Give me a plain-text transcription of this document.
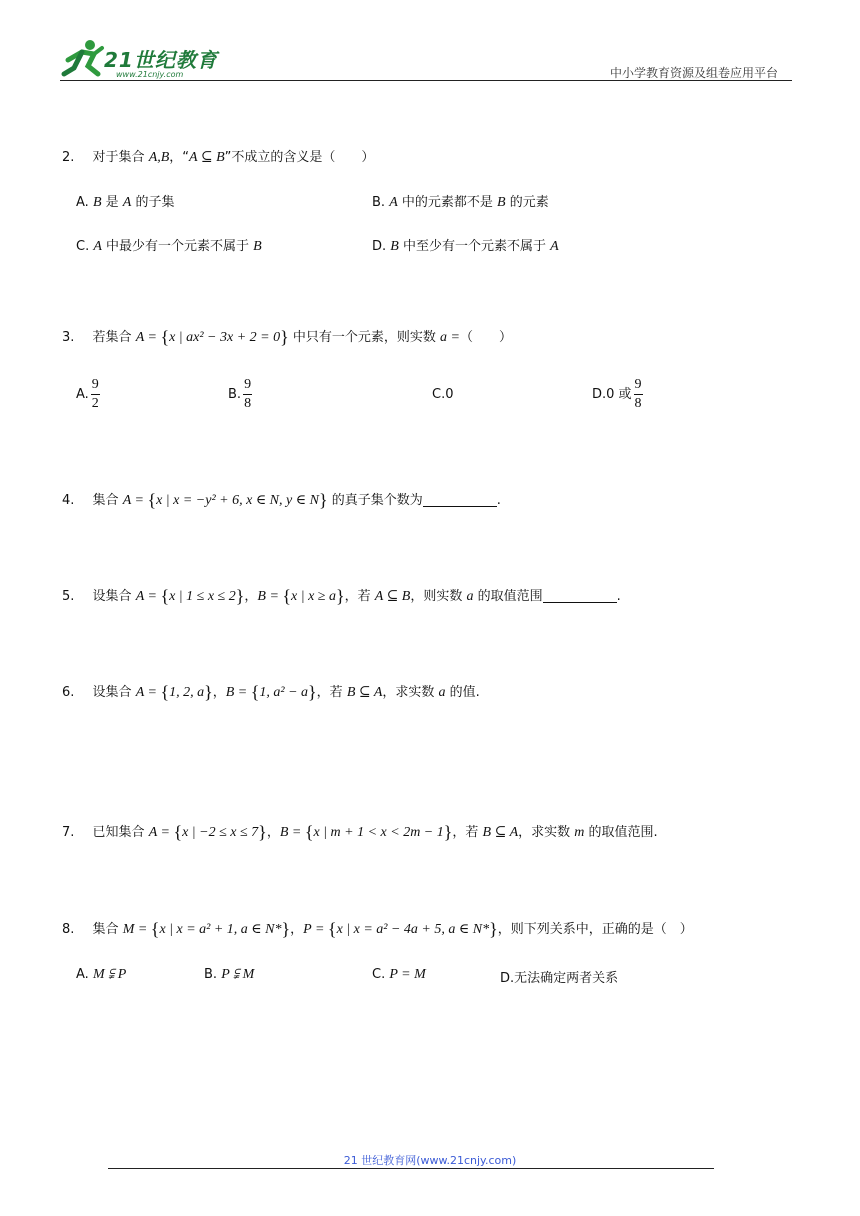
21世纪教育
www.21cnjy.com	中小学教育资源及组卷应用平台
2. 对于集合 A,B，“A ⊆ B”不成立的含义是（　　）
A. B 是 A 的子集	B. A 中的元素都不是 B 的元素
C. A 中最少有一个元素不属于 B	D. B 中至少有一个元素不属于 A
3. 若集合 A = {x | ax² − 3x + 2 = 0} 中只有一个元素，则实数 a =（　　）
A. $\frac{9}{2}$	B. $\frac{9}{8}$	C.0	D.0 或 $\frac{9}{8}$
4. 集合 A = {x | x = −y² + 6, x ∈ N, y ∈ N} 的真子集个数为	.
5. 设集合 A = {x | 1 ≤ x ≤ 2}，B = {x | x ≥ a}，若 A ⊆ B，则实数 a 的取值范围	.
6. 设集合 A = {1, 2, a}，B = {1, a² − a}，若 B ⊆ A，求实数 a 的值.
7. 已知集合 A = {x | −2 ≤ x ≤ 7}，B = {x | m + 1 < x < 2m − 1}，若 B ⊆ A，求实数 m 的取值范围.
8. 集合 M = {x | x = a² + 1, a ∈ N*}，P = {x | x = a² − 4a + 5, a ∈ N*}，则下列关系中，正确的是（　）
A. M ⫋ P	B. P ⫋ M	C. P = M	D.无法确定两者关系
21 世纪教育网(www.21cnjy.com)
